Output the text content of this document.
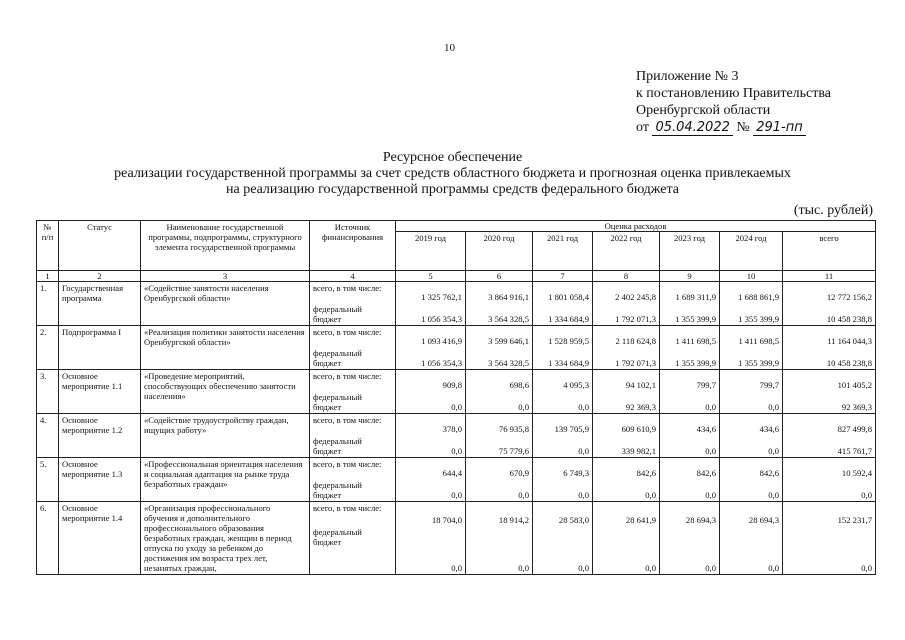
10
Приложение № 3
к постановлению Правительства
Оренбургской области
от 05.04.2022 № 291-пп
Ресурсное обеспечение
реализации государственной программы за счет средств областного бюджета и прогнозная оценка привлекаемых
на реализацию государственной программы средств федерального бюджета
(тыс. рублей)
№ п/п	Статус	Наименование государственной программы, подпрограммы, структурного элемента государственной программы	Источник финансирования	Оценка расходов						
				2019 год	2020 год	2021 год	2022 год	2023 год	2024 год	всего
1	2	3	4	5	6	7	8	9	10	11
1.	Государственная программа	«Содействие занятости населения Оренбургской области»	всего, в том числе:	1 325 762,1	3 864 916,1	1 801 058,4	2 402 245,8	1 689 311,9	1 688 861,9	12 772 156,2
			федеральный бюджет	1 056 354,3	3 564 328,5	1 334 684,9	1 792 071,3	1 355 399,9	1 355 399,9	10 458 238,8
2.	Подпрограмма I	«Реализация политики занятости населения Оренбургской области»	всего, в том числе:	1 093 416,9	3 599 646,1	1 528 959,5	2 118 624,8	1 411 698,5	1 411 698,5	11 164 044,3
			федеральный бюджет	1 056 354,3	3 564 328,5	1 334 684,9	1 792 071,3	1 355 399,9	1 355 399,9	10 458 238,8
3.	Основное мероприятие 1.1	«Проведение мероприятий, способствующих обеспечению занятости населения»	всего, в том числе:	909,8	698,6	4 095,3	94 102,1	799,7	799,7	101 405,2
			федеральный бюджет	0,0	0,0	0,0	92 369,3	0,0	0,0	92 369,3
4.	Основное мероприятие 1.2	«Содействие трудоустройству граждан, ищущих работу»	всего, в том числе:	378,0	76 935,8	139 705,9	609 610,9	434,6	434,6	827 499,8
			федеральный бюджет	0,0	75 779,6	0,0	339 982,1	0,0	0,0	415 761,7
5.	Основное мероприятие 1.3	«Профессиональная ориентация населения и социальная адаптация на рынке труда безработных граждан»	всего, в том числе:	644,4	670,9	6 749,3	842,6	842,6	842,6	10 592,4
			федеральный бюджет	0,0	0,0	0,0	0,0	0,0	0,0	0,0
6.	Основное мероприятие 1.4	«Организация профессионального обучения и дополнительного профессионального образования безработных граждан, женщин в период отпуска по уходу за ребенком до достижения им возраста трех лет, незанятых граждан,	всего, в том числе:	18 704,0	18 914,2	28 583,0	28 641,9	28 694,3	28 694,3	152 231,7
			федеральный бюджет	0,0	0,0	0,0	0,0	0,0	0,0	0,0
